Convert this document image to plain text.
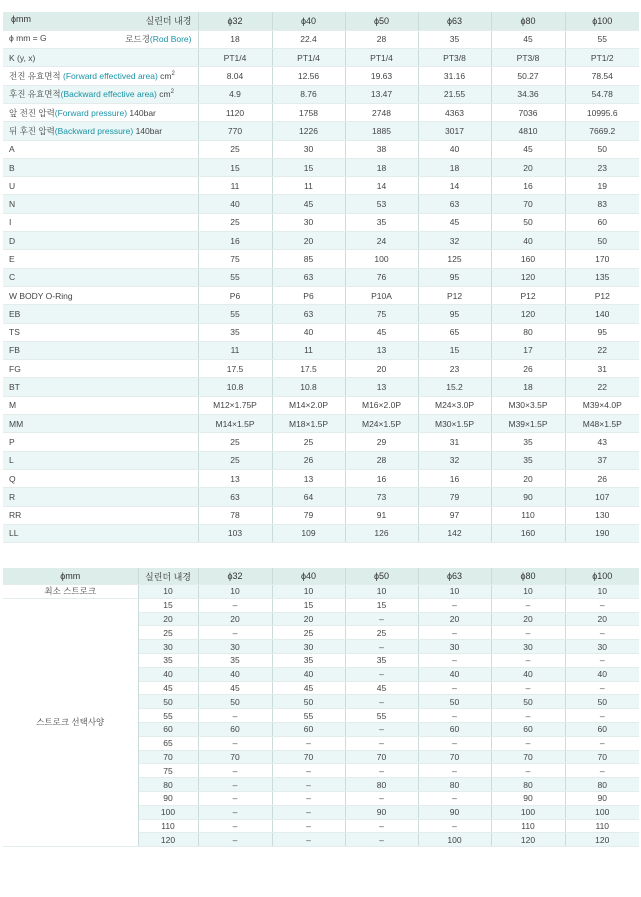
ϕmm 실린더 내경	ϕ32	ϕ40	ϕ50	ϕ63	ϕ80	ϕ100
ϕ mm = G 로드경(Rod Bore)	18	22.4	28	35	45	55
K (y, x)	PT1/4	PT1/4	PT1/4	PT3/8	PT3/8	PT1/2
전진 유효면적 (Forward effectived area) $cm^2$	8.04	12.56	19.63	31.16	50.27	78.54
후진 유효면적(Backward effective area) $cm^2$	4.9	8.76	13.47	21.55	34.36	54.78
앞 전진 압력(Forward pressure) 140bar	1120	1758	2748	4363	7036	10995.6
뒤 후진 압력(Backward pressure) 140bar	770	1226	1885	3017	4810	7669.2
A	25	30	38	40	45	50
B	15	15	18	18	20	23
U	11	11	14	14	16	19
N	40	45	53	63	70	83
I	25	30	35	45	50	60
D	16	20	24	32	40	50
E	75	85	100	125	160	170
C	55	63	76	95	120	135
W BODY O-Ring	P6	P6	P10A	P12	P12	P12
EB	55	63	75	95	120	140
TS	35	40	45	65	80	95
FB	11	11	13	15	17	22
FG	17.5	17.5	20	23	26	31
BT	10.8	10.8	13	15.2	18	22
M	M12×1.75P	M14×2.0P	M16×2.0P	M24×3.0P	M30×3.5P	M39×4.0P
MM	M14×1.5P	M18×1.5P	M24×1.5P	M30×1.5P	M39×1.5P	M48×1.5P
P	25	25	29	31	35	43
L	25	26	28	32	35	37
Q	13	13	16	16	20	26
R	63	64	73	79	90	107
RR	78	79	91	97	110	130
LL	103	109	126	142	160	190
ϕmm	실린더 내경	ϕ32	ϕ40	ϕ50	ϕ63	ϕ80	ϕ100
최소 스트로크	10	10	10	10	10	10	10
스트로크 선택사양	15	–	15	15	–	–	–
	20	20	20	–	20	20	20
	25	–	25	25	–	–	–
	30	30	30	–	30	30	30
	35	35	35	35	–	–	–
	40	40	40	–	40	40	40
	45	45	45	45	–	–	–
	50	50	50	–	50	50	50
	55	–	55	55	–	–	–
	60	60	60	–	60	60	60
	65	–	–	–	–	–	–
	70	70	70	70	70	70	70
	75	–	–	–	–	–	–
	80	–	–	80	80	80	80
	90	–	–	–	–	90	90
	100	–	–	90	90	100	100
	110	–	–	–	–	110	110
	120	–	–	–	100	120	120
